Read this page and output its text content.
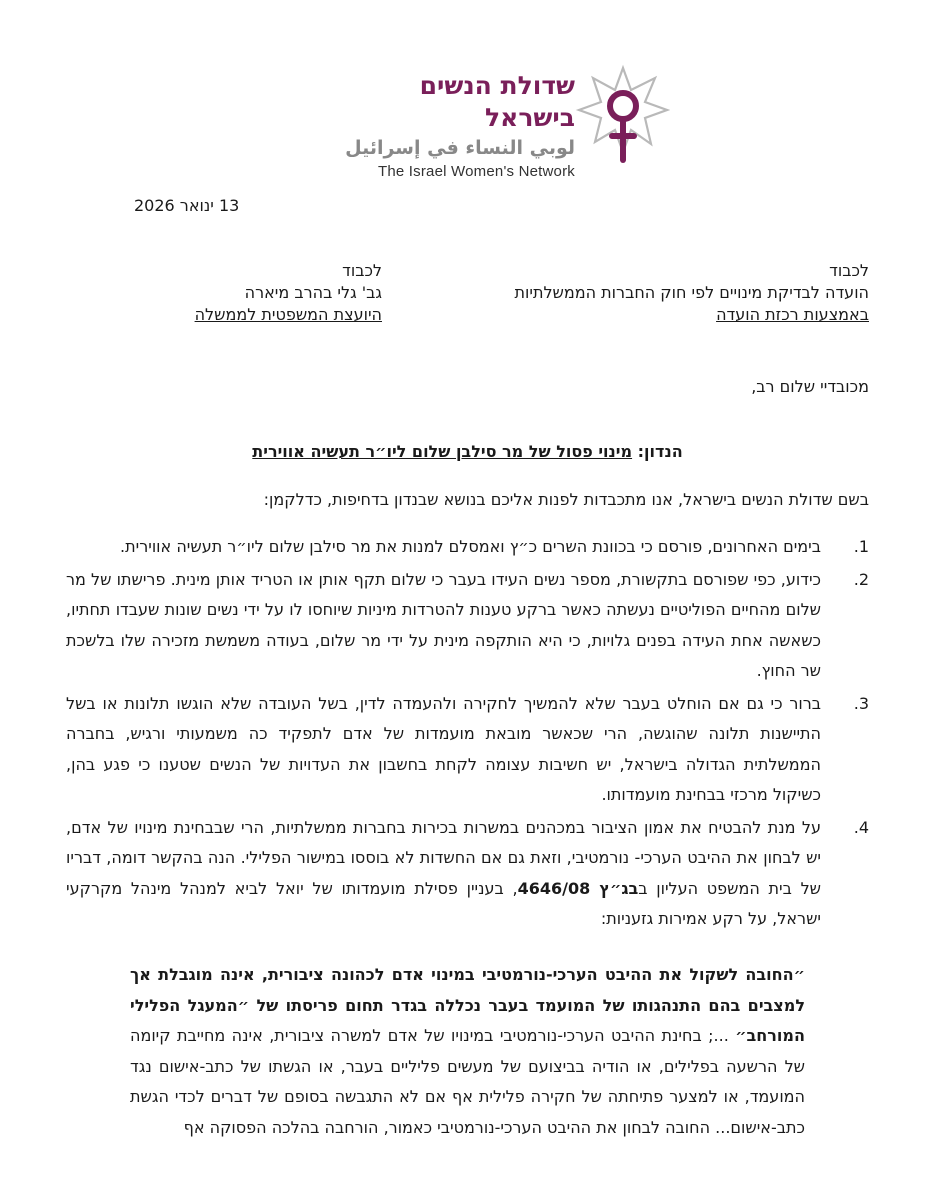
שדולת הנשים בישראל
لوبي النساء في إسرائيل
The Israel Women's Network
13 ינואר 2026
לכבוד
הועדה לבדיקת מינויים לפי חוק החברות הממשלתיות
באמצעות רכזת הועדה
לכבוד
גב' גלי בהרב מיארה
היועצת המשפטית לממשלה
מכובדיי שלום רב,
הנדון: מינוי פסול של מר סילבן שלום ליו״ר תעשיה אווירית
בשם שדולת הנשים בישראל, אנו מתכבדות לפנות אליכם בנושא שבנדון בדחיפות, כדלקמן:
1.
בימים האחרונים, פורסם כי בכוונת השרים כ״ץ ואמסלם למנות את מר סילבן שלום ליו״ר תעשיה אווירית.
2.
כידוע, כפי שפורסם בתקשורת, מספר נשים העידו בעבר כי שלום תקף אותן או הטריד אותן מינית. פרישתו של מר שלום מהחיים הפוליטיים נעשתה כאשר ברקע טענות להטרדות מיניות שיוחסו לו על ידי נשים שונות שעבדו תחתיו, כשאשה אחת העידה בפנים גלויות, כי היא הותקפה מינית על ידי מר שלום, בעודה משמשת מזכירה שלו בלשכת שר החוץ.
3.
ברור כי גם אם הוחלט בעבר שלא להמשיך לחקירה ולהעמדה לדין, בשל העובדה שלא הוגשו תלונות או בשל התיישנות תלונה שהוגשה, הרי שכאשר מובאת מועמדות של אדם לתפקיד כה משמעותי ורגיש, בחברה הממשלתית הגדולה בישראל, יש חשיבות עצומה לקחת בחשבון את העדויות של הנשים שטענו כי פגע בהן, כשיקול מרכזי בבחינת מועמדותו.
4.
על מנת להבטיח את אמון הציבור במכהנים במשרות בכירות בחברות ממשלתיות, הרי שבבחינת מינויו של אדם, יש לבחון את ההיבט הערכי- נורמטיבי, וזאת גם אם החשדות לא בוססו במישור הפלילי. הנה בהקשר דומה, דבריו של בית המשפט העליון בבג״ץ 4646/08, בעניין פסילת מועמדותו של יואל לביא למנהל מינהל מקרקעי ישראל, על רקע אמירות גזעניות:
״החובה לשקול את ההיבט הערכי-נורמטיבי במינוי אדם לכהונה ציבורית, אינה מוגבלת אך למצבים בהם התנהגותו של המועמד בעבר נכללה בגדר תחום פריסתו של ״המעגל הפלילי המורחב״ ...; בחינת ההיבט הערכי-נורמטיבי במינויו של אדם למשרה ציבורית, אינה מחייבת קיומה של הרשעה בפלילים, או הודיה בביצועם של מעשים פליליים בעבר, או הגשתו של כתב-אישום נגד המועמד, או למצער פתיחתה של חקירה פלילית אף אם לא התגבשה בסופם של דברים לכדי הגשת כתב-אישום... החובה לבחון את ההיבט הערכי-נורמטיבי כאמור, הורחבה בהלכה הפסוקה אף
